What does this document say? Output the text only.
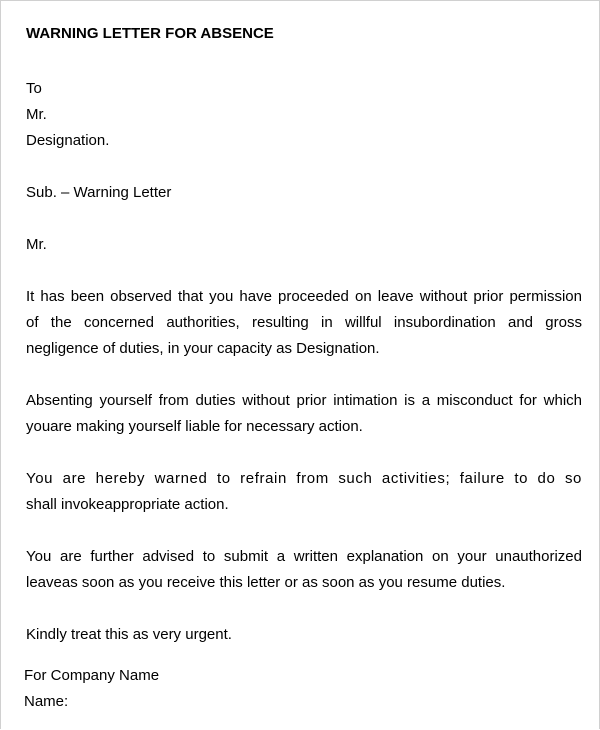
WARNING LETTER FOR ABSENCE
To
Mr.
Designation.
Sub. – Warning Letter
Mr.

It has been observed that you have proceeded on leave without prior permission

of the concerned authorities, resulting in willful insubordination and gross

negligence of duties, in your capacity as Designation.

Absenting yourself from duties without prior intimation is a misconduct for which

youare making yourself liable for necessary action.

You are hereby warned to refrain from such activities; failure to do so

shall invokeappropriate action.

You are further advised to submit a written explanation on your unauthorized

leaveas soon as you receive this letter or as soon as you resume duties.

Kindly treat this as very urgent.
For Company Name
Name:
